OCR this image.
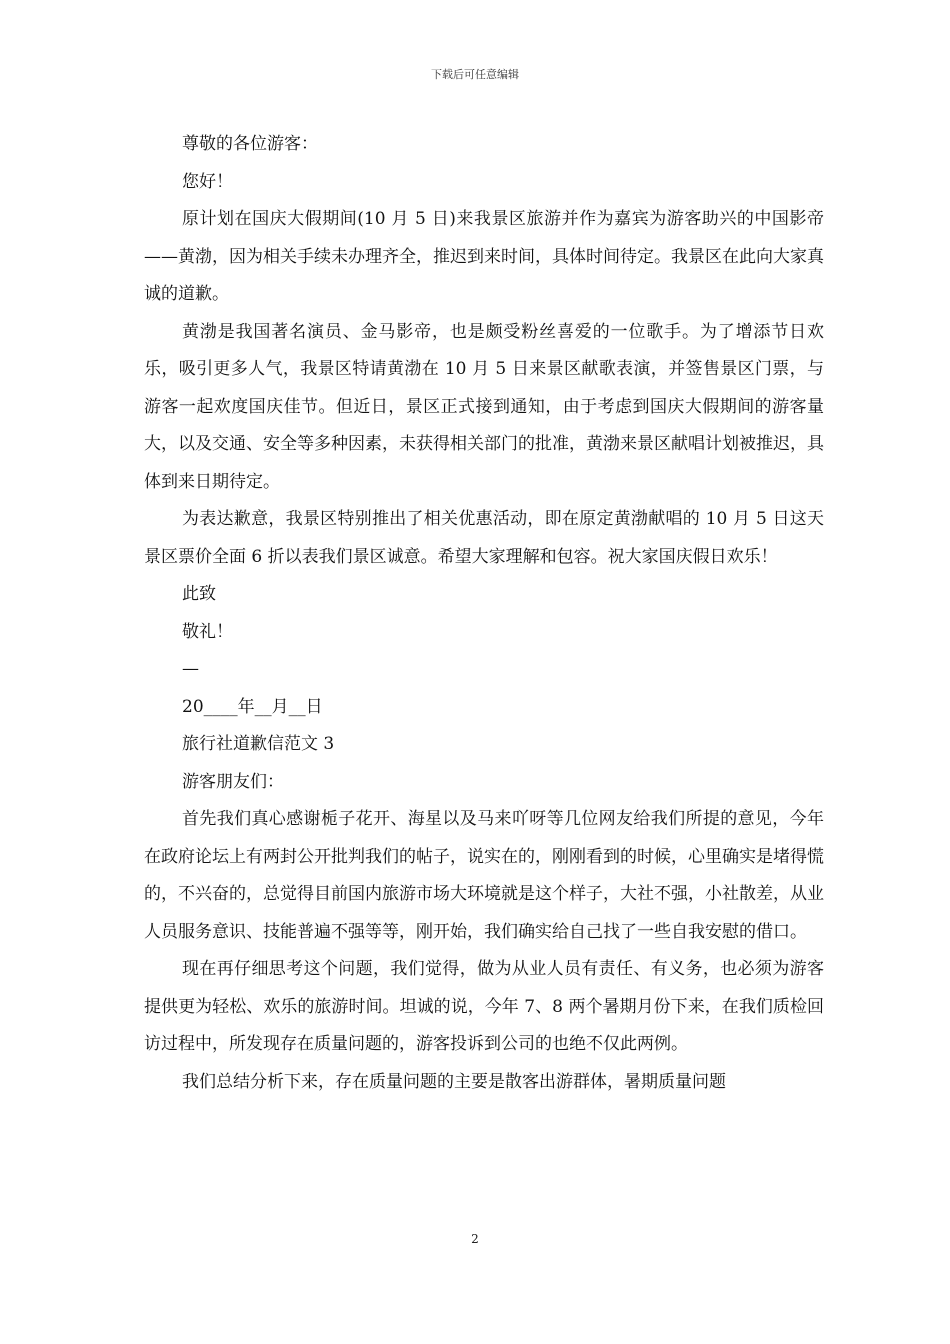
下载后可任意编辑

尊敬的各位游客：

您好！

原计划在国庆大假期间(10 月 5 日)来我景区旅游并作为嘉宾为游客助兴的中国影帝——黄渤，因为相关手续未办理齐全，推迟到来时间，具体时间待定。我景区在此向大家真诚的道歉。

黄渤是我国著名演员、金马影帝，也是颇受粉丝喜爱的一位歌手。为了增添节日欢乐，吸引更多人气，我景区特请黄渤在 10 月 5 日来景区献歌表演，并签售景区门票，与游客一起欢度国庆佳节。但近日，景区正式接到通知，由于考虑到国庆大假期间的游客量大，以及交通、安全等多种因素，未获得相关部门的批准，黄渤来景区献唱计划被推迟，具体到来日期待定。

为表达歉意，我景区特别推出了相关优惠活动，即在原定黄渤献唱的 10 月 5 日这天景区票价全面 6 折以表我们景区诚意。希望大家理解和包容。祝大家国庆假日欢乐！

此致

敬礼！

—

20____年__月__日

旅行社道歉信范文 3

游客朋友们：

首先我们真心感谢栀子花开、海星以及马来吖呀等几位网友给我们所提的意见，今年在政府论坛上有两封公开批判我们的帖子，说实在的，刚刚看到的时候，心里确实是堵得慌的，不兴奋的，总觉得目前国内旅游市场大环境就是这个样子，大社不强，小社散差，从业人员服务意识、技能普遍不强等等，刚开始，我们确实给自己找了一些自我安慰的借口。

现在再仔细思考这个问题，我们觉得，做为从业人员有责任、有义务，也必须为游客提供更为轻松、欢乐的旅游时间。坦诚的说，今年 7、8 两个暑期月份下来，在我们质检回访过程中，所发现存在质量问题的，游客投诉到公司的也绝不仅此两例。

我们总结分析下来，存在质量问题的主要是散客出游群体，暑期质量问题

2
